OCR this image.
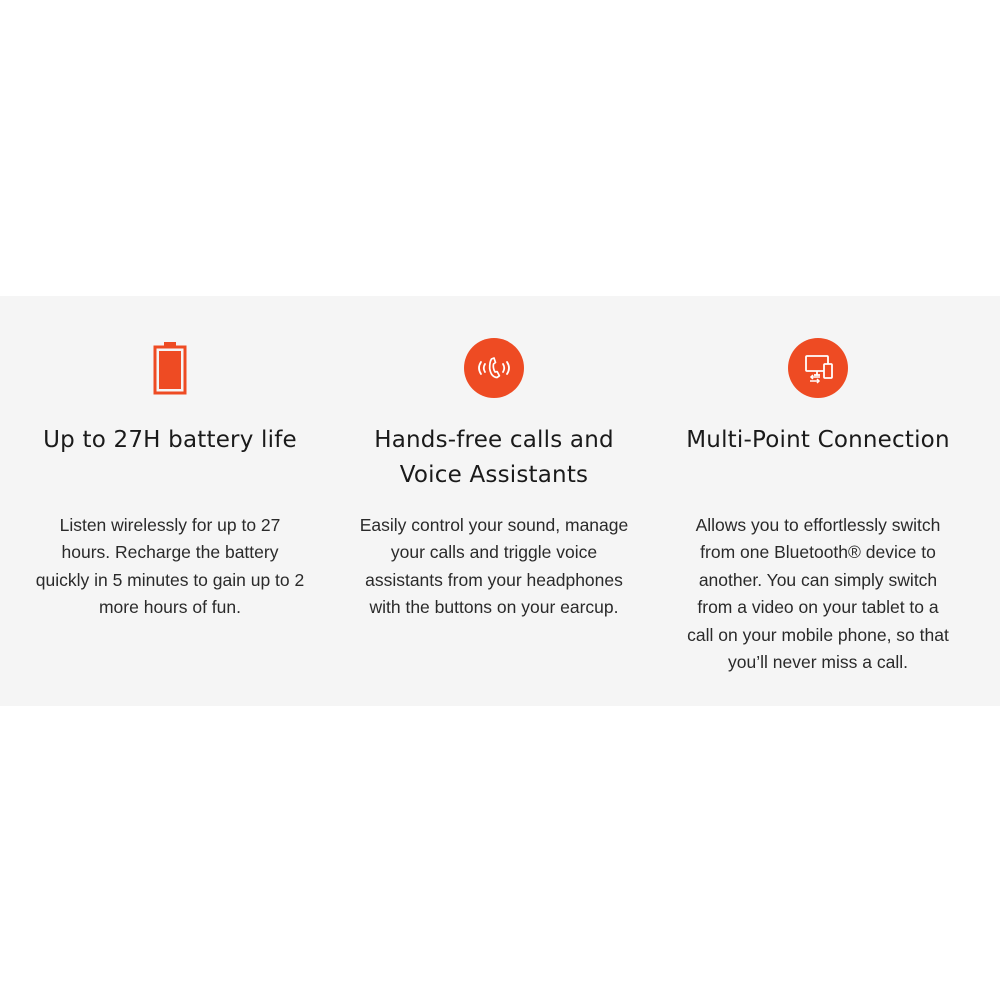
Up to 27H battery life

Listen wirelessly for up to 27
hours. Recharge the battery
quickly in 5 minutes to gain up to 2
more hours of fun.

Hands-free calls and
Voice Assistants

Easily control your sound, manage
your calls and triggle voice
assistants from your headphones
with the buttons on your earcup.

Multi-Point Connection

Allows you to effortlessly switch
from one Bluetooth® device to
another. You can simply switch
from a video on your tablet to a
call on your mobile phone, so that
you’ll never miss a call.
